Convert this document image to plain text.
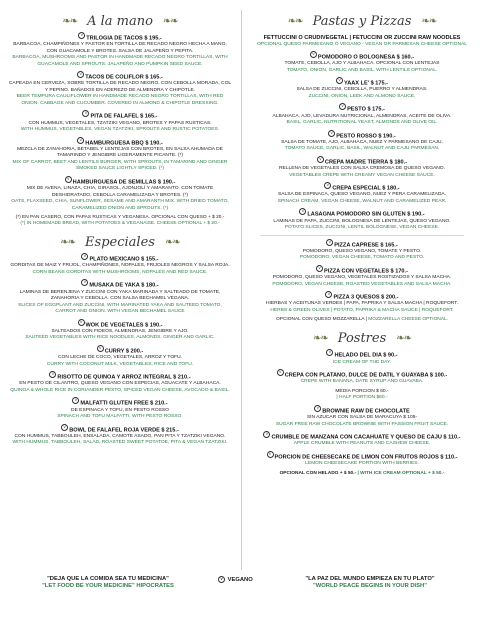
❧❧ A la mano	❧❧
VTRILOGIA DE TACOS $ 195.-
BARBACOA, CHAMPIÑONES Y PASTOR EN TORTILLA DE RECADO NEGRO HECHA A MANO, CON GUACAMOLE Y BROTES. SALSA DE JALAPEÑO Y PEPITA.
BARBACOA, MUSHROOMS AND PASTOR IN HANDMADE RECADO NEGRO TORTILLAS, WITH GUACAMOLE AND SPROUTS. JALAPEÑO AND PUMPKIN SEED SAUCE.
VTACOS DE COLIFLOR $ 165.-
CAPEADA EN CERVEZA, SOBRE TORTILLA DE RECADO NEGRO. CON CEBOLLA MORADA, COL Y PEPINO. BAÑADOS EN ADEREZO DE ALMENDRA Y CHIPOTLE.
BEER TEMPURA CAULIFLOWER IN HANDMADE RECADO NEGRO TORTILLAS, WITH RED ONION, CABBAGE AND CUCUMBER. COVERED IN ALMOND & CHIPOTLE DRESSING.
VPITA DE FALAFEL $ 165.-
CON HUMMUS, VEGETALES, TZATZIKI VEGANO, BROTES Y PAPAS RUSTICAS.
WITH HUMMUS, VEGETABLES, VEGAN TZATZIKI, SPROUTS AND RUSTIC POTATOES.
VHAMBURGUESA BBQ $ 190.-
MEZCLA DE ZANAHORIA, BETABEL Y LENTEJAS CON BROTES, EN SALSA AHUMADA DE TAMARINDO Y JENGIBRE LIGERAMENTE PICANTE. (*)
MIX OF CARROT, BEET AND LENTILS BURGER, WITH SPROUTS, IN TAMARIND AND GINGER SMOKED SAUCE LIGHTLY SPICED. (*)
VHAMBURGUESA DE SEMILLAS $ 190.-
MIX DE AVENA, LINAZA, CHIA, GIRASOL, AJONJOLÍ Y AMARANTO. CON TOMATE DESHIDRATADO, CEBOLLA CARAMELIZADA Y BROTES. (*)
OATS, FLAXSEED, CHIA, SUNFLOWER, SESAME AND AMARANTH MIX. WITH DRIED TOMATO, CARAMELIZED ONION AND SPROUTS. (*)
(*) EN PAN CASERO, CON PAPAS RUSTICAS Y VEGANESA. OPCIONAL CON QUESO + $ 20.-
(*) IN HOMEMADE BREAD, WITH POTATOES & VEGANAISE. CHEESE OPTIONAL + $ 20.-
❧❧ Especiales	❧❧
VPLATO MEXICANO $ 155.-
GORDITAS DE MAIZ Y FRIJOL, CHAMPIÑONES, NOPALES, FRIJOLES NEGROS Y SALSA ROJA.
CORN BEANS GORDITAS WITH MUSHROOMS, NOPALES AND RED SAUCE.
VMUSAKA DE YAKA $ 180.-
LAMINAS DE BERENJENA Y ZUCCINI CON YAKA MARINADA Y SALTEADO DE TOMATE, ZANAHORIA Y CEBOLLA. CON SALSA BECHAMEL VEGANA.
SLICES OF EGGPLANT AND ZUCCINI, WITH MARINATED YAKA AND SAUTEED TOMATO, CARROT AND ONION. WITH VEGAN BECHAMEL SAUCE
VWOK DE VEGETALES $ 190.-
SALTEADOS CON FIDEOS, ALMENDRAS, JENGIBRE Y AJO.
SAUTEED VEGETABLES WITH RICE NOODLES, ALMONDS, GINGER AND GARLIC.
VCURRY $ 200.-
CON LECHE DE COCO, VEGETALES, ARROZ Y TOFU.
CURRY WITH COCONUT MILK, VEGETABLES, RICE AND TOFU.
VRISOTTO DE QUINOA Y ARROZ INTEGRAL $ 210.-
EN PESTO DE CILANTRO, QUESO VEGANO CON ESPECIAS, AGUACATE Y ALBAHACA.
QUINOA & WHOLE RICE IN CORIANDER PESTO, SPICED VEGAN CHEESE, AVOCADO & BASIL.
VMALFATTI GLUTEN FREE $ 210.-
DE ESPINACA Y TOFU, EN PESTO ROSSO
SPINACH AND TOFU MALFATTI, WITH PESTO ROSSO.
VBOWL DE FALAFEL ROJA VERDE $ 215.-
CON HUMMUS, TABBOULEH, ENSALADA, CAMOTE ASADO, PAN PITA Y TZATZIKI VEGANO.
WITH HUMMUS, TABBOULEH, SALAD, ROASTED SWEET POTATOE, PITA & VEGAN TZATZIKI.
❧❧ Pastas y Pizzas	❧❧
FETTUCCINI O CRUDIVEGETAL | FETUCCINI OR ZUCCINI RAW NOODLES
OPCIONAL QUESO PARMESANO O VEGANO - VEGAN OR PARMESAN CHEESE OPTIONAL
VPOMODORO O BOLOGNESA $ 160.-
TOMATE, CEBOLLA, AJO Y ALBAHACA. OPCIONAL CON LENTEJAS
TOMATO, ONION, GARLIC AND BASIL, WITH LENTILS OPTIONAL.
VYAAX LE' $ 175.-
SALSA DE ZUCCINI, CEBOLLA, PUERRO Y ALMENDRAS.
ZUCCINI, ONION, LEEK AND ALMOND SAUCE.
VPESTO $ 175.-
ALBAHACA, AJO, LEVADURA NUTRICIONAL, ALMENDRAS, ACEITE DE OLIVA.
BASIL, GARLIC, NUTRITIONAL YEAST, ALMONDS AND OLIVE OIL.
VPESTO ROSSO $ 190.-
SALSA DE TOMATE, AJO, ALBAHACA, NUEZ Y PARMESANO DE CAJU.
TOMATO SAUCE, GARLIC, BASIL, WALNUT AND CAJU PARMESAN.
VCREPA MADRE TIERRA $ 180.-
RELLENA DE VEGETALES CON SALSA CREMOSA DE QUESO VEGANO.
VEGETABLES CREPE WITH CREAMY VEGAN CHEESE SAUCE.
VCREPA ESPECIAL $ 180.-
SALSA DE ESPINACA, QUESO VEGANO, NUEZ Y PERA CARAMELIZADA.
SPINACH CREAM, VEGAN CHEESE, WALNUT AND CARAMELIZED PEAR.
VLASAGNA POMODORO SIN GLUTEN $ 190.-
LAMINAS DE PAPA, ZUCCINI, BOLOGNESA DE LENTEJAS, QUESO VEGANO.
POTATO SLICES, ZUCCINI, LENTIL BOLOGNESE, VEGAN CHEESE.
VPIZZA CAPRESE $ 165.-
POMODORO, QUESO VEGANO, TOMATE Y PESTO.
POMODORO, VEGAN CHEESE, TOMATO AND PESTO.
VPIZZA CON VEGETALES $ 170.-
POMODORO, QUESO VEGANO, VEGETALES ROSTIZADOS Y SALSA MACHA.
POMODORO, VEGAN CHEESE, ROASTED VEGETABLES AND SALSA MACHA.
VPIZZA 3 QUESOS $ 200.-
HIERBAS Y ACEITUNAS VERDES | PAPA, PAPRIKA Y SALSA MACHA | ROQUEFORT.
HERBS & GREEN OLIVES | POTATO, PAPRIKA & MACHA SAUCE | ROQUEFORT.
OPCIONAL CON QUESO MOZZARELLA | MOZZARELLA CHEESE OPTIONAL.
❧❧ Postres	❧❧
VHELADO DEL DIA $ 90.-
ICE CREAM OF THE DAY.
VCREPA CON PLATANO, DULCE DE DATIL Y GUAYABA $ 100.-
CREPE WITH BANANA, DATE SYRUP AND GUAVABA.
MEDIA PORCION $ 60.-
| HALF PORTION $60.-
VBROWNIE RAW DE CHOCOLATE
SIN AZUCAR CON SALSA DE MARACUYA $ 105-
SUGAR FREE RAW CHOCOLATE BROWNIE WITH PASSION FRUIT SAUCE.
VCRUMBLE DE MANZANA CON CACAHUATE Y QUESO DE CAJU $ 110.-
APPLE CRUMBLE WITH PEANUTS AND CASHEW CHEESE.
VPORCION DE CHEESECAKE DE LIMON CON FRUTOS ROJOS $ 110.-
LEMON CHEESECAKE PORTION WITH BERRIES.
OPCIONAL CON HELADO + $ 50.- | WITH ICE CREAM OPTIONAL + $ 50.-
"DEJA QUE LA COMIDA SEA TU MEDICINA"
"LET FOOD BE YOUR MEDICINE" HIPOCRATES
V VEGANO	"LA PAZ DEL MUNDO EMPIEZA EN TU PLATO"
"WORLD PEACE BEGINS IN YOUR DISH"
